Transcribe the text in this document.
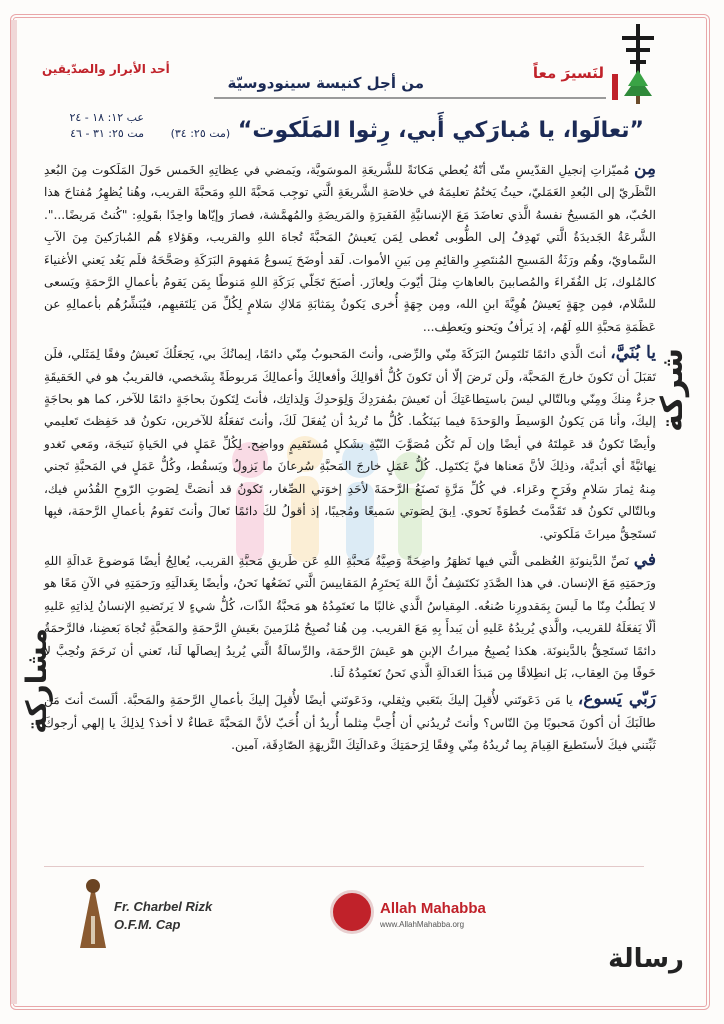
لنَسيرَ معاً
من أجل كنيسة سينودوسيّة
أحد الأبرار والصدّيقين
عب ١٢: ١٨ - ٢٤
مت ٢٥: ٣١ - ٤٦	”تعالَوا، يا مُبارَكي أَبي، رِثوا المَلَكوت“ (مت ٢٥: ٣٤)
شركة
مشاركة
رسالة

مِن مُميّزاتِ إنجيلِ القدّيسِ متّى أنّهُ يُعطي مَكانَةً للشَّريعَةِ الموسَويَّة، ويَمضي في عِظاتِهِ الخَمس حَولَ المَلَكوت مِنَ البُعدِ النَّظَريّ إلى البُعدِ العَمَليّ، حيثُ يَختُمُ تعليمَهُ في خلاصَةِ الشَّريعَةِ الَّتي توجِب مَحبَّةَ اللهِ ومَحبَّةَ القريب، وهُنا يُظهِرُ مُفتاحَ هذا الحُبّ، هو المَسيحُ نفسهُ الَّذي تعاضَدَ مَعَ الإنسانيَّةِ الفَقيرَةِ والمَريضَةِ والمُهمَّشة، فصارَ وإيّاها واحِدًا بقَولِهِ: "كُنتُ مَريضًا...". الشَّرعَةُ الجَديدَةُ الَّتي تَهدِفُ إلى الطُّوبى تُعطى لِمَن يَعيشُ المَحبَّةَ تُجاهَ اللهِ والقريب، وهَؤلاءِ هُم المُبارَكينَ مِنَ الآبِ السَّماويّ، وهُم ورَثَةُ المَسيحِ المُنتَصِرِ والقائِمِ مِن بَينِ الأموات. لَقد أوضَحَ يَسوعُ مَفهومَ البَرَكَةِ وصَحَّحَهُ فلَم يَعُد يَعني الأغنياءَ كالمُلوك، بَل الفُقَراءَ والمُصابينَ بالعاهاتِ مِثلَ أيّوبَ ولِعازَر. أصبَحَ تَجَلّي بَرَكَةِ اللهِ مَنوطًا بِمَن يَقومُ بأعمالِ الرَّحمَةِ ويَسعى للسَّلام، فمِن جِهَةٍ يَعيشُ هُوِيَّةَ ابنِ الله، ومِن جِهَةٍ أُخرى يَكونُ بِمَثابَةِ مَلاكِ سَلامٍ لِكُلِّ مَن يَلتَقيهِم، فيُبَشِّرُهُم بأعمالِهِ عن عَظَمَةِ مَحبَّةِ اللهِ لَهُم، إذ يَرأفُ ويَحنو ويَعطِف...

يا بُنَيَّ، أنتَ الَّذي دائمًا تَلتَمِسُ البَرَكَةَ مِنّي والرِّضى، وأنتَ المَحبوبُ مِنّي دائمًا، إيمانُكَ بي، يَجعَلُكَ تَعيشُ وفقًا لِمَثَلي، فلَن تَقبَلَ أن تَكونَ خارجَ المَحبَّة، ولَن تَرضَ إلّا أن تَكونَ كُلُّ أقوالِكَ وأفعالِكَ وأعمالِكَ مَربوطَةً بِشَخصي، فالقريبُ هو في الحَقيقَةِ جزءٌ مِنكَ ومِنّي وبالتّالي ليسَ باستِطاعَتِكَ أن تَعيشَ بمُفرَدِكَ وَلِوَحدِكَ وَلِذاتِك، فأنتَ لِتَكونَ بحاجَةٍ دائمًا للآخر، كما هو بحاجَةٍ إليكَ، وأنا مَن يَكونُ الوَسيطَ والوَحدَةَ فيما بَينَكُما. كُلُّ ما تُريدُ أن يُفعَلَ لَكَ، وأنتَ تَفعَلُهُ للآخرين، تكونُ قد حَفِظتَ تَعليمي وأيضًا تَكونُ قد عَمِلتَهُ في أيضًا وإن لَم تَكُن مُصَوَّبَ النّيّةِ بشَكلٍ مُستَقيمٍ وواضِح. لِكُلِّ عَمَلٍ في الحَياةِ نَتيجَة، ومَعي تَغدو نِهائيَّةً أي أبَديَّة، وذلِكَ لأنَّ مَعناها فيَّ يَكتَمِل. كُلُّ عَمَلٍ خارجَ المَحبَّةِ سُرعانَ ما يَزولُ ويَسقُط، وكُلُّ عَمَلٍ في المَحبَّةِ تَجني مِنهُ ثِمارَ سَلامٍ وفَرَحٍ وعَزاء. في كُلِّ مَرَّةٍ تَصنَعُ الرَّحمَةَ لأحَدِ إخوَتي الصِّغار، تَكونُ قد أنصَتَّ لِصَوتِ الرّوحِ القُدُسِ فيك، وبالتّالي تَكونُ قد تَقَدَّمتَ خُطوَةً نَحوي. اِبقَ لِصَوتي سَميعًا ومُجيبًا، إذ أقولُ لكَ دائمًا تَعالَ وأنتَ تَقومُ بأعمالِ الرَّحمَة، فبِها تَستَحِقُّ ميراثَ مَلَكوتي.

في نَصِّ الدَّينونَةِ العُظمى الَّتي فيها تَظهَرُ واضِحَةً وَصِيَّةُ مَحبَّةِ اللهِ عَن طَريقِ مَحبَّةِ القريب، يُعالِجُ أيضًا مَوضوعَ عَدالَةِ اللهِ ورَحمَتِهِ مَعَ الإنسان. في هذا الصَّدَدِ نَكتَشِفُ أنَّ اللهَ يَحتَرِمُ المَقاييسَ الَّتي نَضَعُها نَحنُ، وأيضًا بِعَدالَتِهِ ورَحمَتِهِ في الآنِ مَعًا هو لا يَطلُبُ مِنّا ما لَيسَ بِمَقدورِنا صُنعُه. المِقياسُ الَّذي غالبًا ما نَعتَمِدُهُ هو مَحبَّةُ الذّات، كُلُّ شيءٍ لا يَرتَضيهِ الإنسانُ لِذاتِهِ عَليهِ ألّا يَفعَلَهُ للقريب، والَّذي يُريدُهُ عَليهِ أن يَبدأَ بِهِ مَعَ القريب. مِن هُنا نُصبِحُ مُلزَمينَ بعَيشِ الرَّحمَةِ والمَحبَّةِ تُجاهَ بَعضِنا، فالرَّحمَةُ دائمًا تَستَحِقُّ بالدَّينونَة. هكذا يُصبِحُ ميراثُ الإبنِ هو عَيشَ الرَّحمَة، والرِّسالَةُ الَّتي يُريدُ إيصالَها لَنا، تَعني أن نَرحَمَ ونُحِبَّ لا خَوفًا مِنَ العِقاب، بَل انطِلاقًا مِن مَبدَأ العَدالَةِ الَّذي نَحنُ نَعتَمِدُهُ لَنا.

رَبّي يَسوع، يا مَن دَعَوتَني لأُقبِلَ إليكَ بتَعَبي وثِقلي، ودَعَوتَني أيضًا لأُقبِلَ إليكَ بأعمالِ الرَّحمَةِ والمَحبَّة. ألَستَ أنتَ مَن طالَبَكَ أن أكونَ مَحبوبًا مِنَ النّاس؟ وأنتَ تُريدُني أن أُحِبَّ مِثلما أُريدُ أن أُحَبّ لأنَّ المَحبَّةَ عَطاءٌ لا أخذ؟ لِذلِكَ يا إلهي أرجوكَ ثَبِّتني فيكَ لأستَطيعَ القِيامَ بِما تُريدُهُ مِنّي وِفقًا لِرَحمَتِكَ وعَدالَتِكَ النَّزيهَةِ الصّادِقَة، آمين.

Fr. Charbel Rizk
O.F.M. Cap
Allah Mahabba
www.AllahMahabba.org
